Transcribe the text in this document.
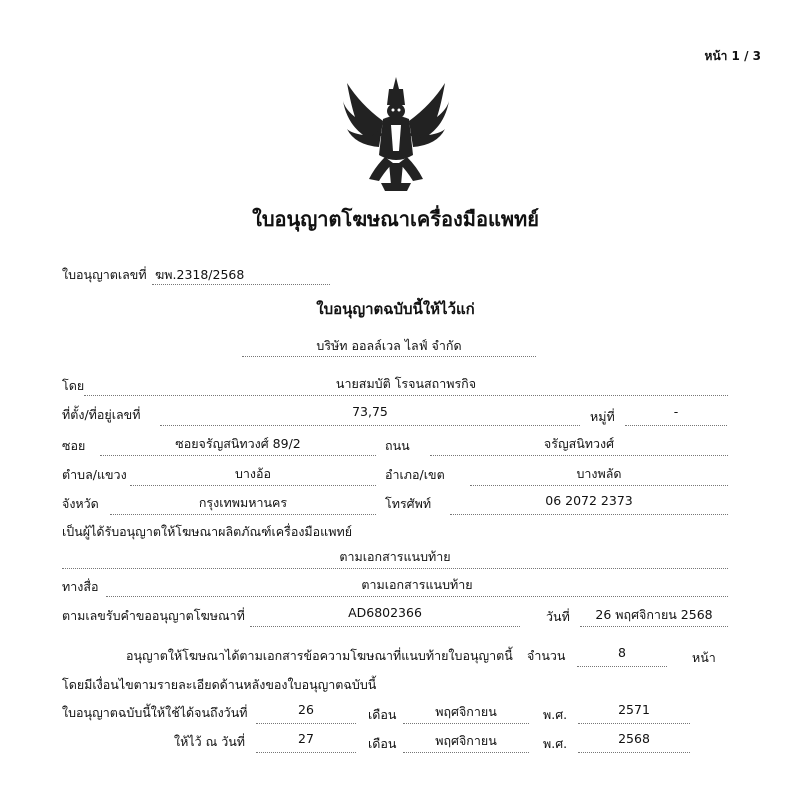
หน้า 1 / 3
ใบอนุญาตโฆษณาเครื่องมือแพทย์
ใบอนุญาตเลขที่ ฆพ.2318/2568
ใบอนุญาตฉบับนี้ให้ไว้แก่
บริษัท ออลล์เวล ไลฟ์ จำกัด
โดย	นายสมบัติ โรจนสถาพรกิจ
ที่ตั้ง/ที่อยู่เลขที่	73,75	หมู่ที่	-
ซอย	ซอยจรัญสนิทวงศ์ 89/2	ถนน	จรัญสนิทวงศ์
ตำบล/แขวง	บางอ้อ	อำเภอ/เขต	บางพลัด
จังหวัด	กรุงเทพมหานคร	โทรศัพท์	06 2072 2373
เป็นผู้ได้รับอนุญาตให้โฆษณาผลิตภัณฑ์เครื่องมือแพทย์
ตามเอกสารแนบท้าย
ทางสื่อ	ตามเอกสารแนบท้าย
ตามเลขรับคำขออนุญาตโฆษณาที่	AD6802366	วันที่	26 พฤศจิกายน 2568
อนุญาตให้โฆษณาได้ตามเอกสารข้อความโฆษณาที่แนบท้ายใบอนุญาตนี้ จำนวน	8	หน้า
โดยมีเงื่อนไขตามรายละเอียดด้านหลังของใบอนุญาตฉบับนี้
ใบอนุญาตฉบับนี้ให้ใช้ได้จนถึงวันที่	26	เดือน	พฤศจิกายน	พ.ศ.	2571
ให้ไว้ ณ วันที่	27	เดือน	พฤศจิกายน	พ.ศ.	2568
